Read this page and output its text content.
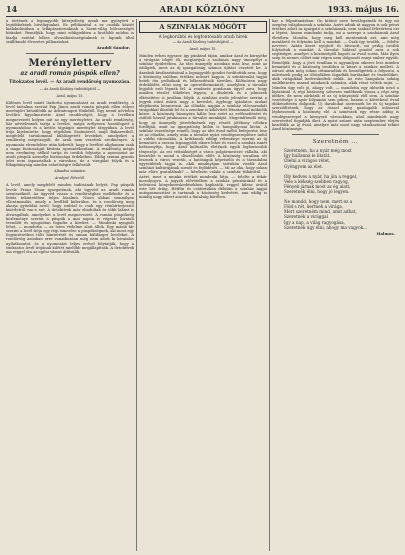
14	ARADI KÖZLÖNY	1933. május 16.

a történek a legnagyobb kiterjedtség azzak ma gyönyörű a legtöbbeknek hitvilágunkat. Ez példázattal a ez csodák között kialakulásában a lelkipásztorunknak a Szent-világ bölcsességét hitünket. Reméljük, hogy mint eddigiekben a kiválóbb módon is kiadja ezúttal lelkes olvasóközönségünknek is lapunk által szállítandó élvezetes pillanatokat.

Araddi Sándor.
Merényletterv
az aradi román püspök ellen?
Titokzatos levél. — Az aradi rendőrség nyomozása.
— Az Aradi Közlöny tudósítójától —
Arad, május 15.

Különös levél miatt lázította nyomozásást az aradi rendőrség. A levél tartalma szerint Pap János aradi román püspök ellen súlyos merénylet készülődik az Adriatengeri főnkőtől. Egy nemű névtelen levélíró figyelmeztette Arad rendőrségét, hogy a levélben megnevezett helyen mit az egy merényletet. Az aradi rendőrség, bár névtelennek tartja a levelet, mégis erélyesen hozzáfogott a nyomozáshoz és a kettős tágságos merénylet tárgyában. A levél írója kijelentette, hogy régebben Szatmárról, majd Bukarestből, megfelelő tartalommal küldözgetett leveleket, amelyeket a rendőrség megvizsgált, de azok nem vezettek eredményre. A nyomozás elrendelése után kiderült, hogy a levélíró alighanem csak a maga fontosságát kívánta nyomatékosítani. A rendőrség mégis nem eredmény nélkül tartja és tovább folytatja a nyomozást az aradi püspök személyi biztonsága érdekében. Eddig semmi gyanús jelet nem tapasztaltak a városban, de a vizsgálat folyik és a főkapitányság minden eshetőségre felkészült.

Altaadva számára:
Aradyné Pétertől.

A levél, amely megfelelt minden tudósának helyét, Pap püspök levele Pranz Vinar igazgatónak, aki ügyvéd az aradi román szentszéknél. Az ügyvéd vissza a rendőrséghez mellékelte és a leírás tekintetében teljes bizalmú. Nincs abban semmilyen ellentmondás, amely a levélből kiderülne, és a rendőrség meg akarja győződni arról, hogy ezúttal is csak egy rémhírterjesztő kísérletről van-e szó. A detektívek már elindultak és több lakást is átvizsgáltak, amelyeket a levél megnevezett. A román püspökség közleménye szerint a püspök a mai napon is végezte hivatali teendőit és nyugodtan fogadta a híreket. — Mindenki nyugodt lehet, — mondotta — az Isten védelme alatt állok. Egy másik hír szerint a levél írója egy régi ismerőse a püspökségnek, aki most egy fegyintézetben tölti büntetését és onnan küldözget leveleket. A rendőrség azonban erre vonatkozóan még nem adott ki hivatalos nyilatkozatot, és a nyomozást teljes erővel folytatják, hogy a titokzatos levél írójának kilétét mielőbb megállapítsák. A detektívek ma reggel óta az egész várost átfésülik.

A SZINFALAK MÖGÖTT
A legkorábbi és legfontosabb aradi hírek
— Az Aradi Közlöny tudósítójától —
Arad, május 15.

Minden évben egyszer, így pünkösd táján, amikor Arad és környéke a virágzás idejét éli, megtartjuk a szokásos nagy ünnepélyt a színház épületében. Az idei ünnepély azonban más lesz, mint az eddigiek, mert az új igazgatóság számos újítást vezetett be. A darabok kiválasztásánál a legnagyobb gondot fordították arra, hogy a közönség valóban értékes műsort kapjon. A színtársulat tagjai hetek óta próbálnak és lelkesedésük töretlen. Különösen nagy érdeklődés előzi meg az operettbemutatót, amelyben a társulat legjobb erői lépnek fel. A rendezés gondosan ügyel arra, hogy minden részlet tökéletes legyen, a díszletek és a jelmezek elkészítése is javában folyik. A szinházi iroda jelentése szerint a jegyek iránt máris nagy a kereslet, úgyhogy ajánlatos azokat idejekorán beszerezni. Az előadás napján a szinház előcsarnokát virágokkal díszítik fel és a zenekar is kibővített létszámmal működik közre. A közönség bizonyára hálás lesz ezért az erőfeszítésért és zsúfolt házzal jutalmazza a társulat munkáját. Megemlítendő még, hogy az ünnepély jövedelmének egy részét jótékony célokra fordítják, amit az igazgatóság külön is hangsúlyozni kíván. A színház vezetősége reméli, hogy az idei évad méltó befejezése lesz ez az előadás, amely után a társulat nyári vendégszereplésre indul a vidéki városokba. A kritikusok eddigi véleménye szerint az új bemutató a szezon legnagyobb sikere lehet és ezzel a szinház ismét bebizonyítja, hogy Arad kulturális életének egyik legfontosabb tényezője. Az est védnökségét a város polgármestere vállalta, aki beszédet is mond a díszelőadás előtt. A közönség soraiban ott lesznek a város vezetői, a hatóságok képviselői és a társadalmi egyesületek tagjai is, akik mindnyájan szívükön viselik Arad szinházi kultúrájának sorsát és fejlődését. — Mi az oka, hogy sokan már előre gratulálnak? — kérdezte valaki a szinház titkárától. — Azért, mert a munka értékét mindenki látja, — felelte a titkár mosolyogva. A jegyek elővételben a szinház pénztáránál és a belvárosi könyvkereskedésekben kaphatók, reggel kilenc órától este hét óráig. Hétfőn és csütörtökön délután a szinház tagjai autogramosztást is tartanak a közönség kedvéért, ami eddig is mindig nagy sikert aratott a fiatalság körében.

kar a fölpattanásban: Ön kitűnő neve beválogatnák és úgy mi szegény tulajdonosok a színház. Azért adtuk át nagyon is sok pénzt értékes adott az igazgató a színháznak, nem szabad félreérteni ezt a lépést, hiszen mindenki tudja, mi a szerepe a szinháznak Arad életében. Mondta, hogy meg kell mentenünk azt, ami még menthető és folytatni kell a munkát. — Csak így tovább, — felelte nevetve. Aztán kezet nyújtott és távozott, mi pedig tovább folytattuk a munkát. A társulat hálával gondol arra a sok segítségre, amelyet a közönségtől kapott az évad során. Más ilyen szép és nemes célért már régen nem dolgozott ennyi ember együtt. Reméljük, hogy a jövő évadban is ugyanilyen sikeres lesz minden bemutató és a közönség továbbra is kitart a szinház mellett. A zárszó után még sokan ottmaradtak és beszélgettek a folyosón, a művészek pedig az öltözőkben fogadták barátaikat és tisztelőiket, akik virágokkal kedveskedtek nekik. Az este hangulata sokáig emlékezetes marad mindazok számára, akik részt vettek rajta. — Minden úgy volt jó, ahogy volt, — mondotta egy idősebb néző a kijáratnál. A régi közönség szívesen emlékezik vissza a régi szép időkre, de nem zárkózik el az új irányzatok elől sem. A szinház vezetősége a nyár folyamán sem pihen, hanem a következő évad előkészítésén dolgozik. Új darabokat szereznek be és új tagokat szerződtetnek, hogy az ősszel még gazdagabb műsorral léphessenek a közönség elé. A szinészek egy része addig is vendégszerepel a környező városokban, ahol mindenütt nagy szeretettel fogadják őket. A nyári szünet után szeptember elején kezdődik az új évad, amelyre már most nagy várakozással tekint Arad közönsége.

Szeretném ...
Szeretném, ha a nyár még most
Így hullanná le illatát,
Ölelni a virágos rétet,
Gyöngyem az élet.

Oly kedves a nyár, ha jön a reggel,
Vele a kékség szebben ragyog,
Fények járnak most az ég alatt,
Szeretnék élni, hogy jó legyen.

Ne mondd, hogy nem, mert ez a
Föld s rét, kertnek a virága,
Mert szeretném mind, amit adhat,
Szeretnék a virággal
Így a nap, a világ ragyogása,
Szeretnék úgy élni, ahogy ma vagyok...
Halmos.
